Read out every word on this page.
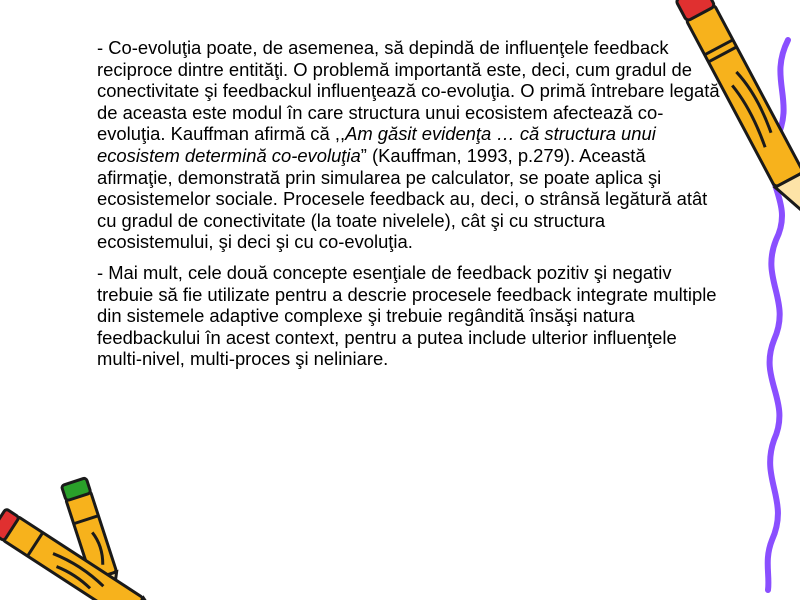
- Co-evoluţia poate, de asemenea, să depindă de influenţele feedback reciproce dintre entităţi. O problemă importantă este, deci, cum gradul de conectivitate şi feedbackul influenţează co-evoluţia. O primă întrebare legată de aceasta este modul în care structura unui ecosistem afectează co-evoluţia. Kauffman afirmă că ,,Am găsit evidenţa … că structura unui ecosistem determină co-evoluţia” (Kauffman, 1993, p.279). Această afirmaţie, demonstrată prin simularea pe calculator, se poate aplica şi ecosistemelor sociale. Procesele feedback au, deci, o strânsă legătură atât cu gradul de conectivitate (la toate nivelele), cât şi cu structura ecosistemului, şi deci şi cu co-evoluţia.

- Mai mult, cele două concepte esenţiale de feedback pozitiv şi negativ trebuie să fie utilizate pentru a descrie procesele feedback integrate multiple din sistemele adaptive complexe şi trebuie regândită însăşi natura feedbackului în acest context, pentru a putea include ulterior influenţele multi-nivel, multi-proces şi neliniare.
